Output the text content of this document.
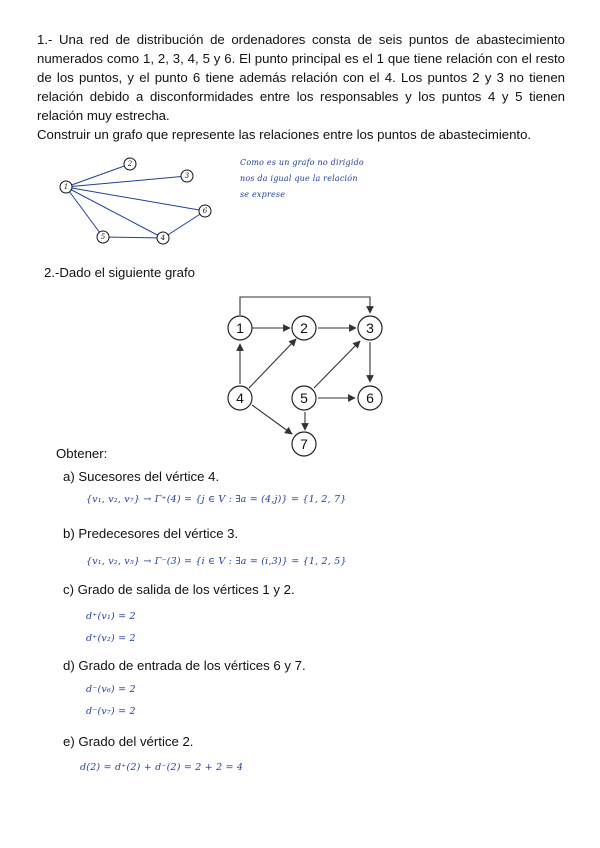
1.- Una red de distribución de ordenadores consta de seis puntos de abastecimiento
numerados como 1, 2, 3, 4, 5 y 6. El punto principal es el 1 que tiene relación con el resto
de los puntos, y el punto 6 tiene además relación con el 4. Los puntos 2 y 3 no tienen
relación debido a disconformidades entre los responsables y los puntos 4 y 5 tienen
relación muy estrecha.
Construir un grafo que represente las relaciones entre los puntos de abastecimiento.
1
2
3
6
5	4
Como es un grafo no dirigido
nos da igual que la relación
se exprese
2.-Dado el siguiente grafo
1	2	3
4	5	6
7
Obtener:
a) Sucesores del vértice 4.
{v₁, v₂, v₇} → Γ⁺(4) = {j ∈ V : ∃a = (4,j)} = {1, 2, 7}
b) Predecesores del vértice 3.
{v₁, v₂, v₅} → Γ⁻(3) = {i ∈ V : ∃a = (i,3)} = {1, 2, 5}
c) Grado de salida de los vértices 1 y 2.
d⁺(v₁) = 2
d⁺(v₂) = 2
d) Grado de entrada de los vértices 6 y 7.
d⁻(v₆) = 2
d⁻(v₇) = 2
e) Grado del vértice 2.
d(2) = d⁺(2) + d⁻(2) = 2 + 2 = 4
